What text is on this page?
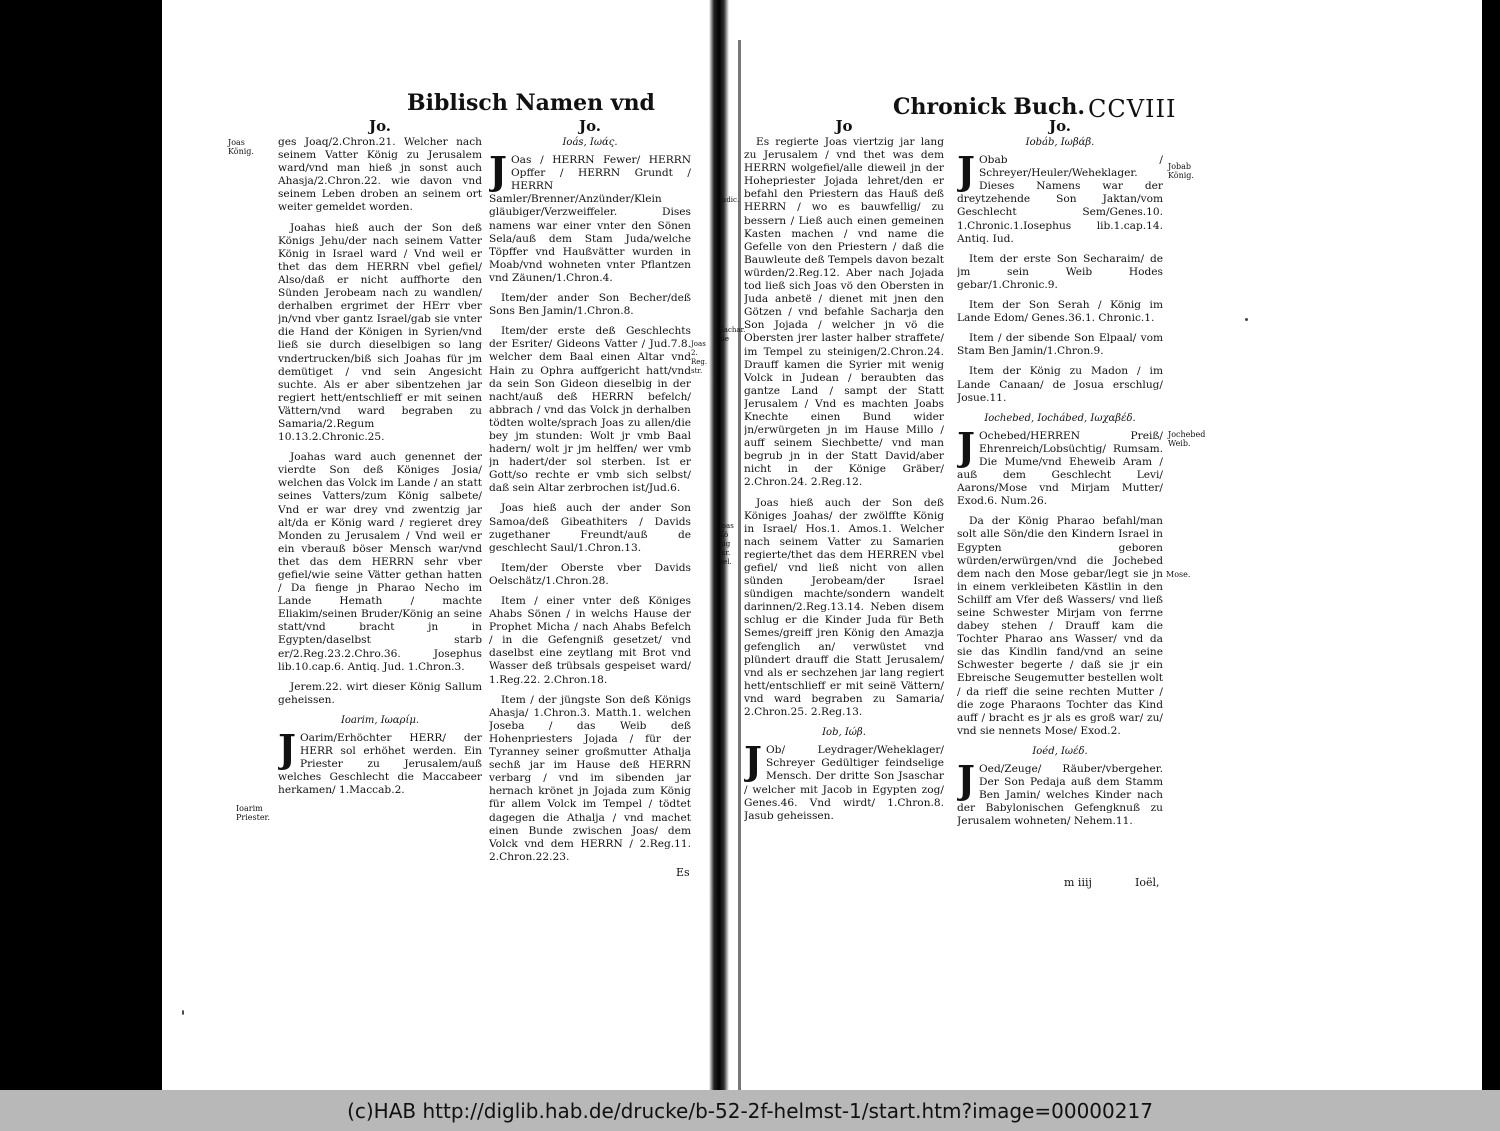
Biblisch Namen vnd	Chronick Buch. CCVIII
Joas König.
Ioarim
Priester.
Judic.
Joas 2.
Reg.
str.
Sachar.
sie
Joas Kö
nig Jsr.
ael.
Jobab König.
Jochebed
Weib.
Mose.
Jo.

ges Joaq/2.Chron.21. Welcher nach seinem Vatter König zu Jerusalem ward/vnd man hieß jn sonst auch Ahasja/2.Chron.22. wie davon vnd seinem Leben droben an seinem ort weiter gemeldet worden.

Joahas hieß auch der Son deß Königs Jehu/der nach seinem Vatter König in Israel ward / Vnd weil er thet das dem HERRN vbel gefiel/ Also/daß er nicht auffhorte den Sünden Jerobeam nach zu wandlen/ derhalben ergrimet der HErr vber jn/vnd vber gantz Israel/gab sie vnter die Hand der Königen in Syrien/vnd ließ sie durch dieselbigen so lang vndertrucken/biß sich Joahas für jm demütiget / vnd sein Angesicht suchte. Als er aber sibentzehen jar regiert hett/entschlieff er mit seinen Vättern/vnd ward begraben zu Samaria/2.Regum 10.13.2.Chronic.25.

Joahas ward auch genennet der vierdte Son deß Königes Josia/ welchen das Volck im Lande / an statt seines Vatters/zum König salbete/ Vnd er war drey vnd zwentzig jar alt/da er König ward / regieret drey Monden zu Jerusalem / Vnd weil er ein vberauß böser Mensch war/vnd thet das dem HERRN sehr vber gefiel/wie seine Vätter gethan hatten / Da fienge jn Pharao Necho im Lande Hemath / machte Eliakim/seinen Bruder/König an seine statt/vnd bracht jn in Egypten/daselbst starb er/2.Reg.23.2.Chro.36. Josephus lib.10.cap.6. Antiq. Jud. 1.Chron.3.

Jerem.22. wirt dieser König Sallum geheissen.

Ioarim, Iωαρίμ.

J Oarim/Erhöchter HERR/ der HERR sol erhöhet werden. Ein Priester zu Jerusalem/auß welches Geschlecht die Maccabeer herkamen/ 1.Maccab.2.

Jo.
Ioás, Iωάς.

J Oas / HERRN Fewer/ HERRN Opffer / HERRN Grundt / HERRN Samler/Brenner/Anzünder/Klein gläubiger/Verzweiffeler. Dises namens war einer vnter den Sönen Sela/auß dem Stam Juda/welche Töpffer vnd Haußvätter wurden in Moab/vnd wohneten vnter Pflantzen vnd Zäunen/1.Chron.4.

Item/der ander Son Becher/deß Sons Ben Jamin/1.Chron.8.

Item/der erste deß Geschlechts der Esriter/ Gideons Vatter / Jud.7.8. welcher dem Baal einen Altar vnd Hain zu Ophra auffgericht hatt/vnd da sein Son Gideon dieselbig in der nacht/auß deß HERRN befelch/ abbrach / vnd das Volck jn derhalben tödten wolte/sprach Joas zu allen/die bey jm stunden: Wolt jr vmb Baal hadern/ wolt jr jm helffen/ wer vmb jn hadert/der sol sterben. Ist er Gott/so rechte er vmb sich selbst/ daß sein Altar zerbrochen ist/Jud.6.

Joas hieß auch der ander Son Samoa/deß Gibeathiters / Davids zugethaner Freundt/auß de geschlecht Saul/1.Chron.13.

Item/der Oberste vber Davids Oelschätz/1.Chron.28.

Item / einer vnter deß Königes Ahabs Sönen / in welchs Hause der Prophet Micha / nach Ahabs Befelch / in die Gefengniß gesetzet/ vnd daselbst eine zeytlang mit Brot vnd Wasser deß trübsals gespeiset ward/ 1.Reg.22. 2.Chron.18.

Item / der jüngste Son deß Königs Ahasja/ 1.Chron.3. Matth.1. welchen Joseba / das Weib deß Hohenpriesters Jojada / für der Tyranney seiner großmutter Athalja sechß jar im Hause deß HERRN verbarg / vnd im sibenden jar hernach krönet jn Jojada zum König für allem Volck im Tempel / tödtet dagegen die Athalja / vnd machet einen Bunde zwischen Joas/ dem Volck vnd dem HERRN / 2.Reg.11. 2.Chron.22.23.

Es
Jo

Es regierte Joas viertzig jar lang zu Jerusalem / vnd thet was dem HERRN wolgefiel/alle dieweil jn der Hohepriester Jojada lehret/den er befahl den Priestern das Hauß deß HERRN / wo es bauwfellig/ zu bessern / Ließ auch einen gemeinen Kasten machen / vnd name die Gefelle von den Priestern / daß die Bauwleute deß Tempels davon bezalt würden/2.Reg.12. Aber nach Jojada tod ließ sich Joas vö den Obersten in Juda anbetë / dienet mit jnen den Götzen / vnd befahle Sacharja den Son Jojada / welcher jn vö die Obersten jrer laster halber straffete/ im Tempel zu steinigen/2.Chron.24. Drauff kamen die Syrier mit wenig Volck in Judean / beraubten das gantze Land / sampt der Statt Jerusalem / Vnd es machten Joabs Knechte einen Bund wider jn/erwürgeten jn im Hause Millo / auff seinem Siechbette/ vnd man begrub jn in der Statt David/aber nicht in der Könige Gräber/ 2.Chron.24. 2.Reg.12.

Joas hieß auch der Son deß Königes Joahas/ der zwölffte König in Israel/ Hos.1. Amos.1. Welcher nach seinem Vatter zu Samarien regierte/thet das dem HERREN vbel gefiel/ vnd ließ nicht von allen sünden Jerobeam/der Israel sündigen machte/sondern wandelt darinnen/2.Reg.13.14. Neben disem schlug er die Kinder Juda für Beth Semes/greiff jren König den Amazja gefenglich an/ verwüstet vnd plündert drauff die Statt Jerusalem/ vnd als er sechzehen jar lang regiert hett/entschlieff er mit seinë Vättern/ vnd ward begraben zu Samaria/ 2.Chron.25. 2.Reg.13.

Iob, Iώβ.

J Ob/ Leydrager/Weheklager/ Schreyer Gedültiger feindselige Mensch. Der dritte Son Jsaschar / welcher mit Jacob in Egypten zog/ Genes.46. Vnd wirdt/ 1.Chron.8. Jasub geheissen.

Jo.
Iobáb, Iωβάβ.

J Obab / Schreyer/Heuler/Weheklager. Dieses Namens war der dreytzehende Son Jaktan/vom Geschlecht Sem/Genes.10. 1.Chronic.1.Iosephus lib.1.cap.14. Antiq. Iud.

Item der erste Son Secharaim/ de jm sein Weib Hodes gebar/1.Chronic.9.

Item der Son Serah / König im Lande Edom/ Genes.36.1. Chronic.1.

Item / der sibende Son Elpaal/ vom Stam Ben Jamin/1.Chron.9.

Item der König zu Madon / im Lande Canaan/ de Josua erschlug/ Josue.11.

Iochebed, Iochábed, Iωχαβέδ.

J Ochebed/HERREN Preiß/ Ehrenreich/Lobsüchtig/ Rumsam. Die Mume/vnd Eheweib Aram / auß dem Geschlecht Levi/ Aarons/Mose vnd Mirjam Mutter/ Exod.6. Num.26.

Da der König Pharao befahl/man solt alle Sön/die den Kindern Israel in Egypten geboren würden/erwürgen/vnd die Jochebed dem nach den Mose gebar/legt sie jn in einem verkleibeten Kästlin in den Schilff am Vfer deß Wassers/ vnd ließ seine Schwester Mirjam von ferrne dabey stehen / Drauff kam die Tochter Pharao ans Wasser/ vnd da sie das Kindlin fand/vnd an seine Schwester begerte / daß sie jr ein Ebreische Seugemutter bestellen wolt / da rieff die seine rechten Mutter / die zoge Pharaons Tochter das Kind auff / bracht es jr als es groß war/ zu/ vnd sie nennets Mose/ Exod.2.

Ioéd, Iωέδ.

J Oed/Zeuge/ Räuber/vbergeher. Der Son Pedaja auß dem Stamm Ben Jamin/ welches Kinder nach der Babylonischen Gefengknuß zu Jerusalem wohneten/ Nehem.11.

m iiij	Ioël,
(c)HAB http://diglib.hab.de/drucke/b-52-2f-helmst-1/start.htm?image=00000217
